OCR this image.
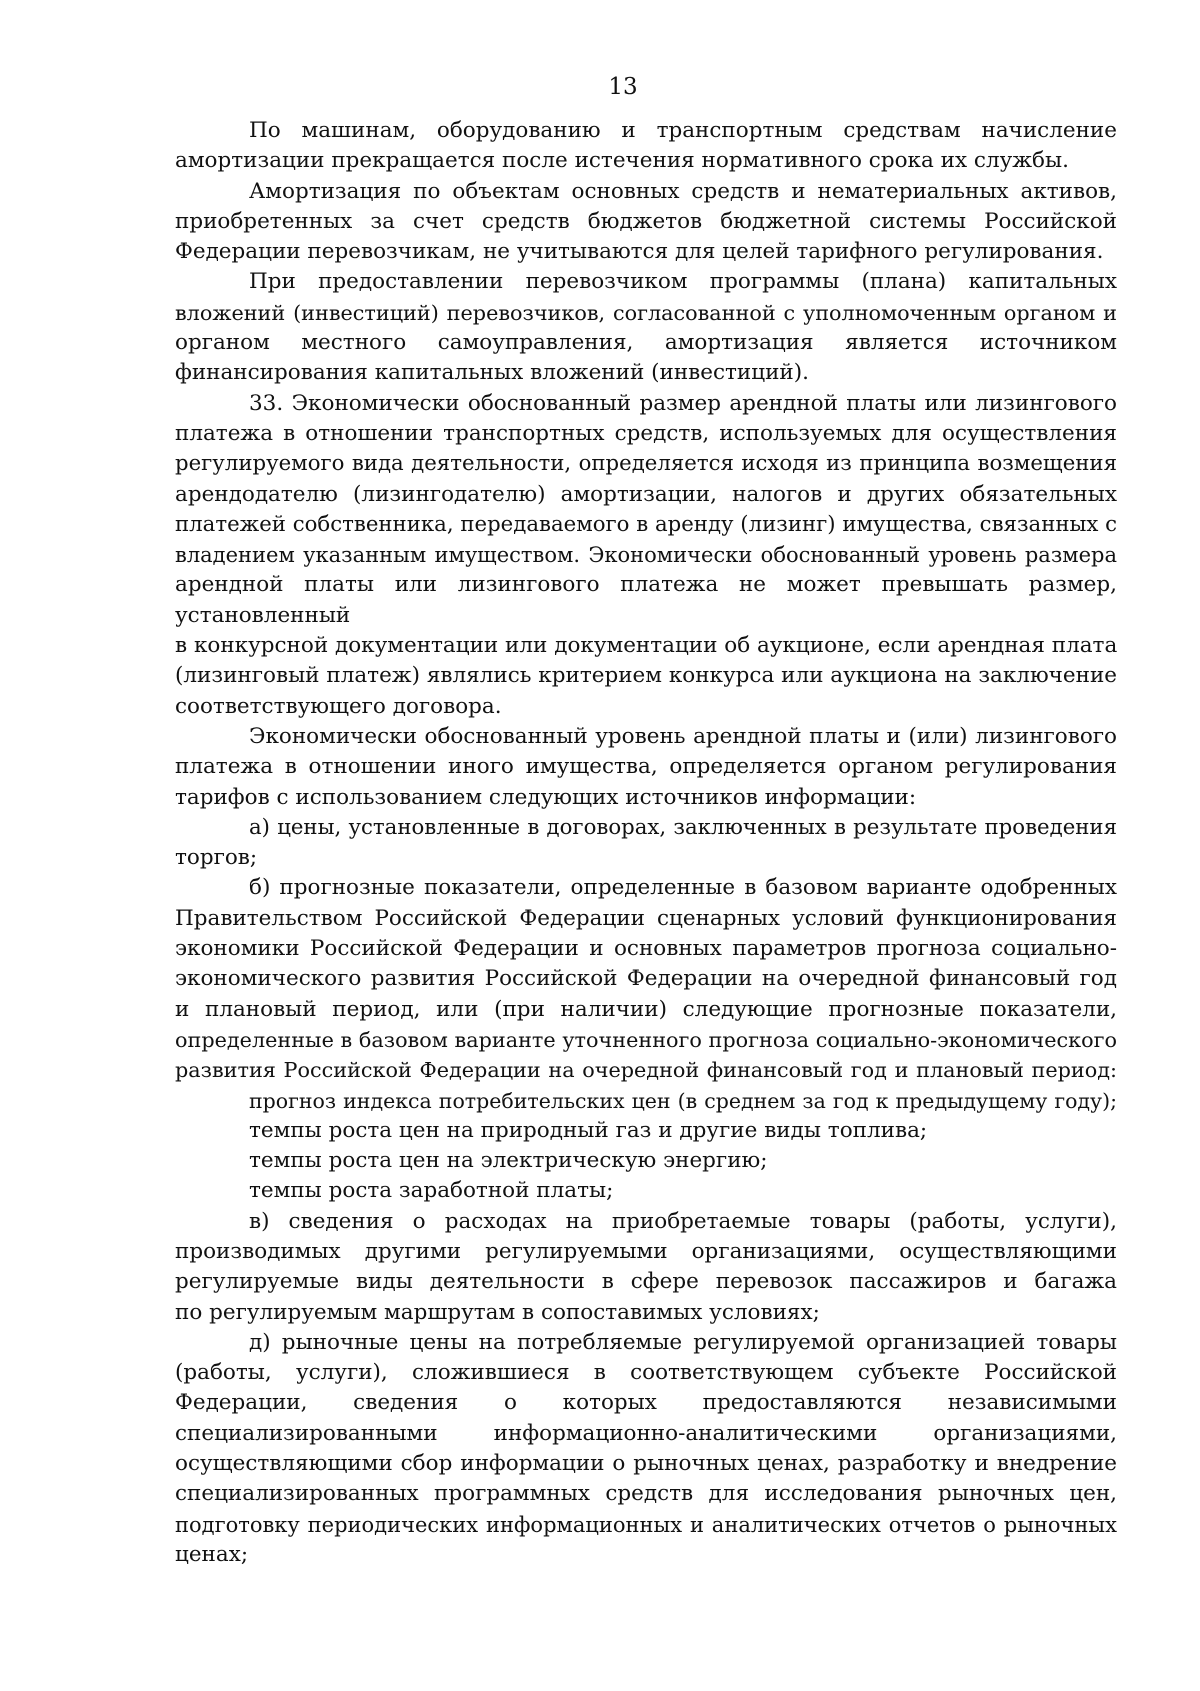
13
По машинам, оборудованию и транспортным средствам начисление
амортизации прекращается после истечения нормативного срока их службы.
Амортизация по объектам основных средств и нематериальных активов,
приобретенных за счет средств бюджетов бюджетной системы Российской
Федерации перевозчикам, не учитываются для целей тарифного регулирования.
При предоставлении перевозчиком программы (плана) капитальных
вложений (инвестиций) перевозчиков, согласованной с уполномоченным органом и
органом местного самоуправления, амортизация является источником
финансирования капитальных вложений (инвестиций).
33. Экономически обоснованный размер арендной платы или лизингового
платежа в отношении транспортных средств, используемых для осуществления
регулируемого вида деятельности, определяется исходя из принципа возмещения
арендодателю (лизингодателю) амортизации, налогов и других обязательных
платежей собственника, передаваемого в аренду (лизинг) имущества, связанных с
владением указанным имуществом. Экономически обоснованный уровень размера
арендной платы или лизингового платежа не может превышать размер,
установленный
в конкурсной документации или документации об аукционе, если арендная плата
(лизинговый платеж) являлись критерием конкурса или аукциона на заключение
соответствующего договора.
Экономически обоснованный уровень арендной платы и (или) лизингового
платежа в отношении иного имущества, определяется органом регулирования
тарифов с использованием следующих источников информации:
а) цены, установленные в договорах, заключенных в результате проведения
торгов;
б) прогнозные показатели, определенные в базовом варианте одобренных
Правительством Российской Федерации сценарных условий функционирования
экономики Российской Федерации и основных параметров прогноза социально-
экономического развития Российской Федерации на очередной финансовый год
и плановый период, или (при наличии) следующие прогнозные показатели,
определенные в базовом варианте уточненного прогноза социально-экономического
развития Российской Федерации на очередной финансовый год и плановый период:
прогноз индекса потребительских цен (в среднем за год к предыдущему году);
темпы роста цен на природный газ и другие виды топлива;
темпы роста цен на электрическую энергию;
темпы роста заработной платы;
в) сведения о расходах на приобретаемые товары (работы, услуги),
производимых другими регулируемыми организациями, осуществляющими
регулируемые виды деятельности в сфере перевозок пассажиров и багажа
по регулируемым маршрутам в сопоставимых условиях;
д) рыночные цены на потребляемые регулируемой организацией товары
(работы, услуги), сложившиеся в соответствующем субъекте Российской
Федерации, сведения о которых предоставляются независимыми
специализированными информационно-аналитическими организациями,
осуществляющими сбор информации о рыночных ценах, разработку и внедрение
специализированных программных средств для исследования рыночных цен,
подготовку периодических информационных и аналитических отчетов о рыночных
ценах;
